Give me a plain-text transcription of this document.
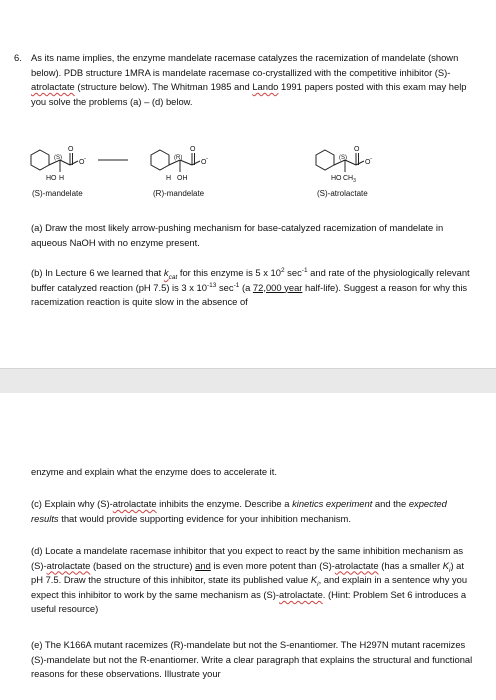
6. As its name implies, the enzyme mandelate racemase catalyzes the racemization of mandelate (shown below). PDB structure 1MRA is mandelate racemase co-crystallized with the competitive inhibitor (S)-atrolactate (structure below). The Whitman 1985 and Lando 1991 papers posted with this exam may help you solve the problems (a) – (d) below.

(S)
HO H
O
O -
(S)-mandelate
(R)
H OH
O
O -
(R)-mandelate
(S)
HO $CH_3$
O
O -
(S)-atrolactate

(a) Draw the most likely arrow-pushing mechanism for base-catalyzed racemization of mandelate in aqueous NaOH with no enzyme present.

(b) In Lecture 6 we learned that $k_{cat}$ for this enzyme is 5 x $10^2$ $\sec^{-1}$ and rate of the physiologically relevant buffer catalyzed reaction (pH 7.5) is 3 x $10^{-13}$ $\sec^{-1} (a$ 72,000 year half-life). Suggest a reason for why this racemization reaction is quite slow in the absence of

enzyme and explain what the enzyme does to accelerate it.

(c) Explain why (S)-atrolactate inhibits the enzyme. Describe a kinetics experiment and the expected results that would provide supporting evidence for your inhibition mechanism.

(d) Locate a mandelate racemase inhibitor that you expect to react by the same inhibition mechanism as (S)-atrolactate (based on the structure) and is even more potent than (S)-atrolactate (has a smaller $K_i$) at pH 7.5. Draw the structure of this inhibitor, state its published value $K_i$, and explain in a sentence why you expect this inhibitor to work by the same mechanism as (S)-atrolactate. (Hint: Problem Set 6 introduces a useful resource)

(e) The K166A mutant racemizes (R)-mandelate but not the S-enantiomer. The H297N mutant racemizes (S)-mandelate but not the R-enantiomer. Write a clear paragraph that explains the structural and functional reasons for these observations. Illustrate your
